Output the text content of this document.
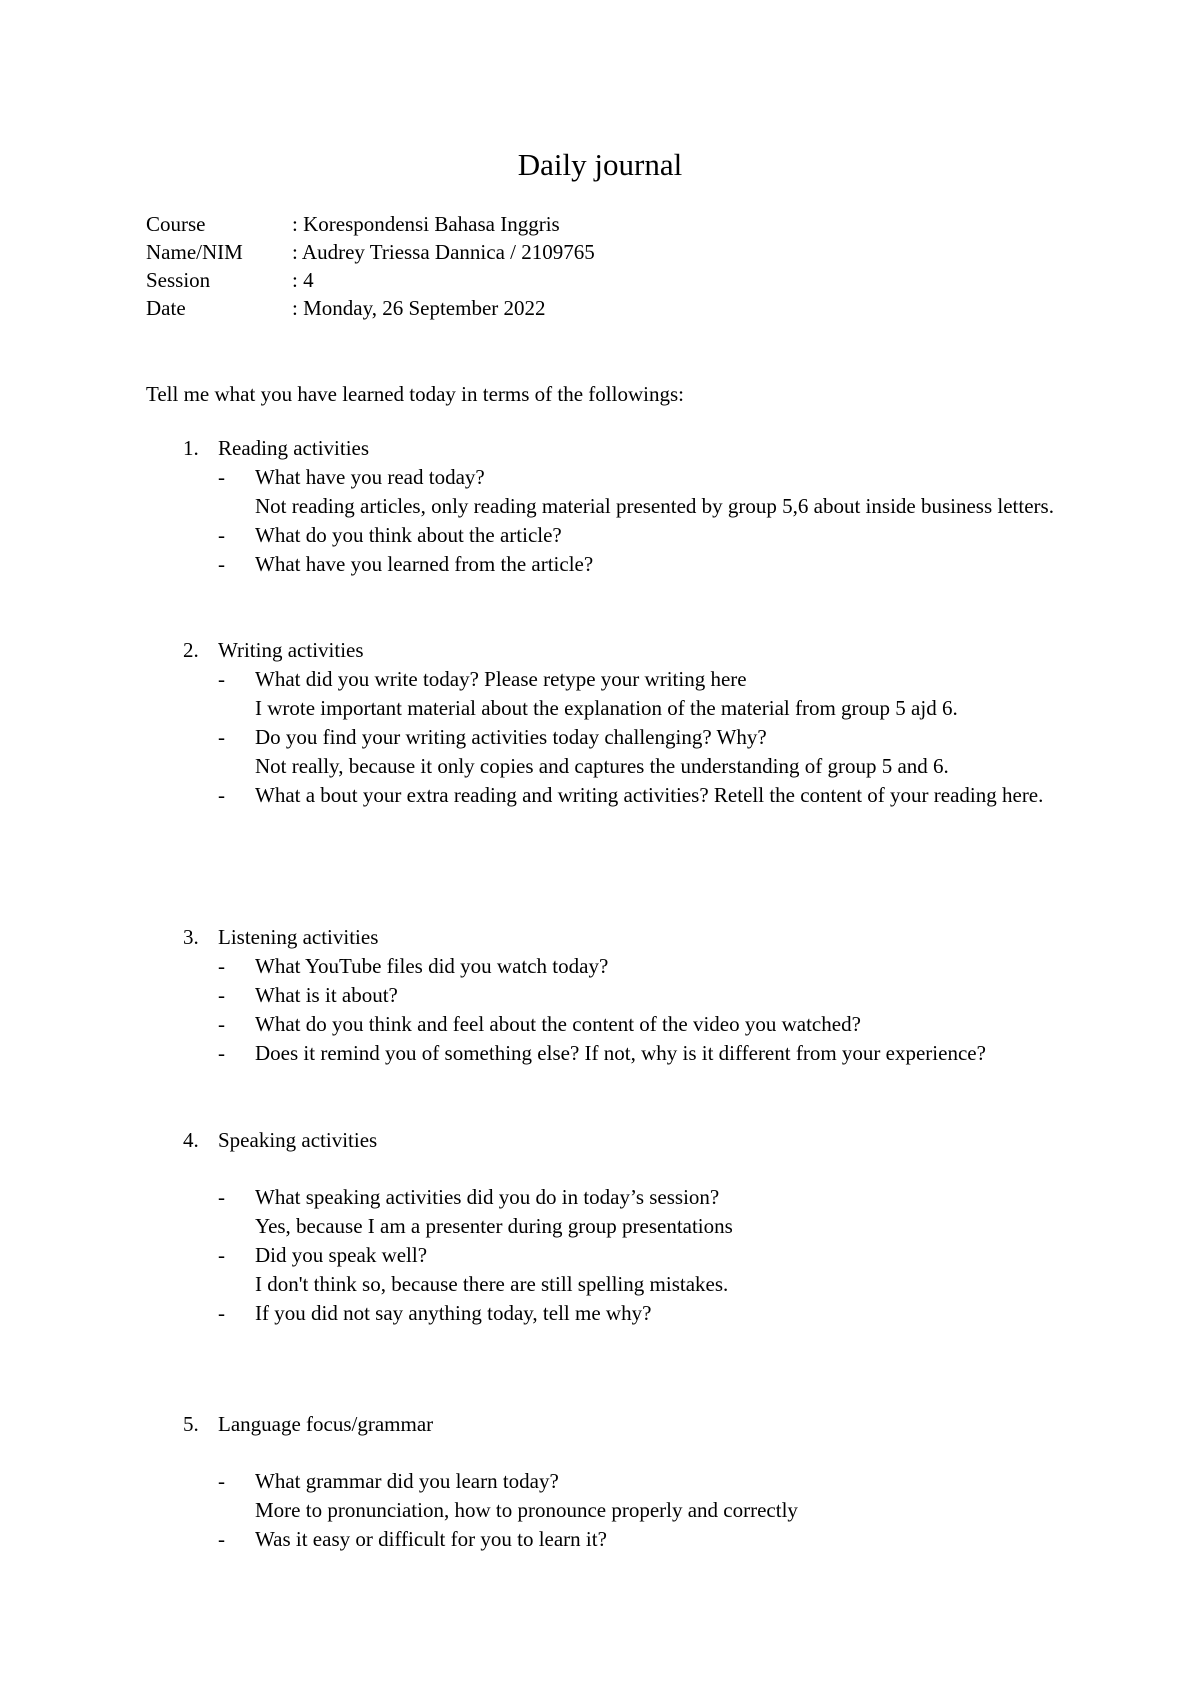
Daily journal
Course	: Korespondensi Bahasa Inggris
Name/NIM : Audrey Triessa Dannica / 2109765
Session	: 4
Date	: Monday, 26 September 2022
Tell me what you have learned today in terms of the followings:
1. Reading activities
- What have you read today?
Not reading articles, only reading material presented by group 5,6 about inside business letters.
- What do you think about the article?
- What have you learned from the article?
2. Writing activities
- What did you write today? Please retype your writing here
I wrote important material about the explanation of the material from group 5 ajd 6.
- Do you find your writing activities today challenging? Why?
Not really, because it only copies and captures the understanding of group 5 and 6.
- What a bout your extra reading and writing activities? Retell the content of your reading here.
3. Listening activities
- What YouTube files did you watch today?
- What is it about?
- What do you think and feel about the content of the video you watched?
- Does it remind you of something else? If not, why is it different from your experience?
4. Speaking activities
- What speaking activities did you do in today’s session?
Yes, because I am a presenter during group presentations
- Did you speak well?
I don't think so, because there are still spelling mistakes.
- If you did not say anything today, tell me why?
5. Language focus/grammar
- What grammar did you learn today?
More to pronunciation, how to pronounce properly and correctly
- Was it easy or difficult for you to learn it?
